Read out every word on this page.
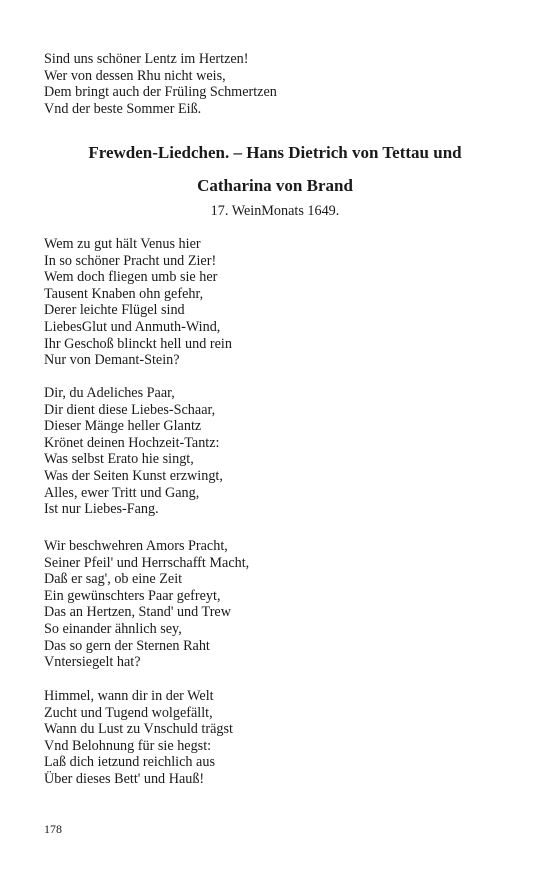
Sind uns schöner Lentz im Hertzen!
Wer von dessen Rhu nicht weis,
Dem bringt auch der Früling Schmertzen
Vnd der beste Sommer Eiß.
Frewden-Liedchen. – Hans Dietrich von Tettau und
Catharina von Brand
17. WeinMonats 1649.
Wem zu gut hält Venus hier
In so schöner Pracht und Zier!
Wem doch fliegen umb sie her
Tausent Knaben ohn gefehr,
Derer leichte Flügel sind
LiebesGlut und Anmuth-Wind,
Ihr Geschoß blinckt hell und rein
Nur von Demant-Stein?
Dir, du Adeliches Paar,
Dir dient diese Liebes-Schaar,
Dieser Mänge heller Glantz
Krönet deinen Hochzeit-Tantz:
Was selbst Erato hie singt,
Was der Seiten Kunst erzwingt,
Alles, ewer Tritt und Gang,
Ist nur Liebes-Fang.
Wir beschwehren Amors Pracht,
Seiner Pfeil' und Herrschafft Macht,
Daß er sag', ob eine Zeit
Ein gewünschters Paar gefreyt,
Das an Hertzen, Stand' und Trew
So einander ähnlich sey,
Das so gern der Sternen Raht
Vntersiegelt hat?
Himmel, wann dir in der Welt
Zucht und Tugend wolgefällt,
Wann du Lust zu Vnschuld trägst
Vnd Belohnung für sie hegst:
Laß dich ietzund reichlich aus
Über dieses Bett' und Hauß!
178
